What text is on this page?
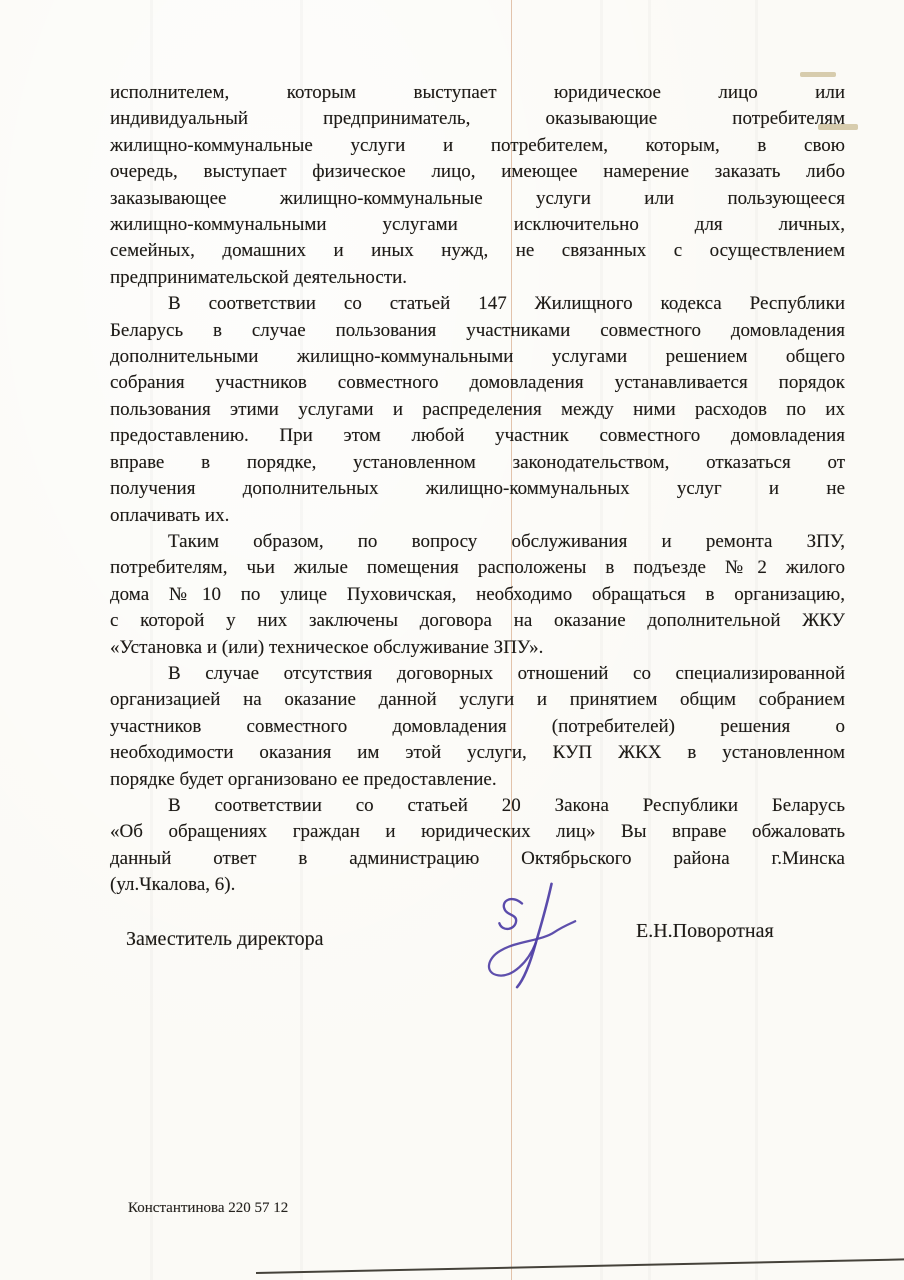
исполнителем, которым выступает юридическое лицо или
индивидуальный предприниматель, оказывающие потребителям
жилищно-коммунальные услуги и потребителем, которым, в свою
очередь, выступает физическое лицо, имеющее намерение заказать либо
заказывающее жилищно-коммунальные услуги или пользующееся
жилищно-коммунальными услугами исключительно для личных,
семейных, домашних и иных нужд, не связанных с осуществлением
предпринимательской деятельности.
В соответствии со статьей 147 Жилищного кодекса Республики
Беларусь в случае пользования участниками совместного домовладения
дополнительными жилищно-коммунальными услугами решением общего
собрания участников совместного домовладения устанавливается порядок
пользования этими услугами и распределения между ними расходов по их
предоставлению. При этом любой участник совместного домовладения
вправе в порядке, установленном законодательством, отказаться от
получения дополнительных жилищно-коммунальных услуг и не
оплачивать их.
Таким образом, по вопросу обслуживания и ремонта ЗПУ,
потребителям, чьи жилые помещения расположены в подъезде №2 жилого
дома №10 по улице Пуховичская, необходимо обращаться в организацию,
с которой у них заключены договора на оказание дополнительной ЖКУ
«Установка и (или) техническое обслуживание ЗПУ».
В случае отсутствия договорных отношений со специализированной
организацией на оказание данной услуги и принятием общим собранием
участников совместного домовладения (потребителей) решения о
необходимости оказания им этой услуги, КУП ЖКХ в установленном
порядке будет организовано ее предоставление.
В соответствии со статьей 20 Закона Республики Беларусь
«Об обращениях граждан и юридических лиц» Вы вправе обжаловать
данный ответ в администрацию Октябрьского района г.Минска
(ул.Чкалова, 6).
Заместитель директора	Е.Н.Поворотная
Константинова 220 57 12
